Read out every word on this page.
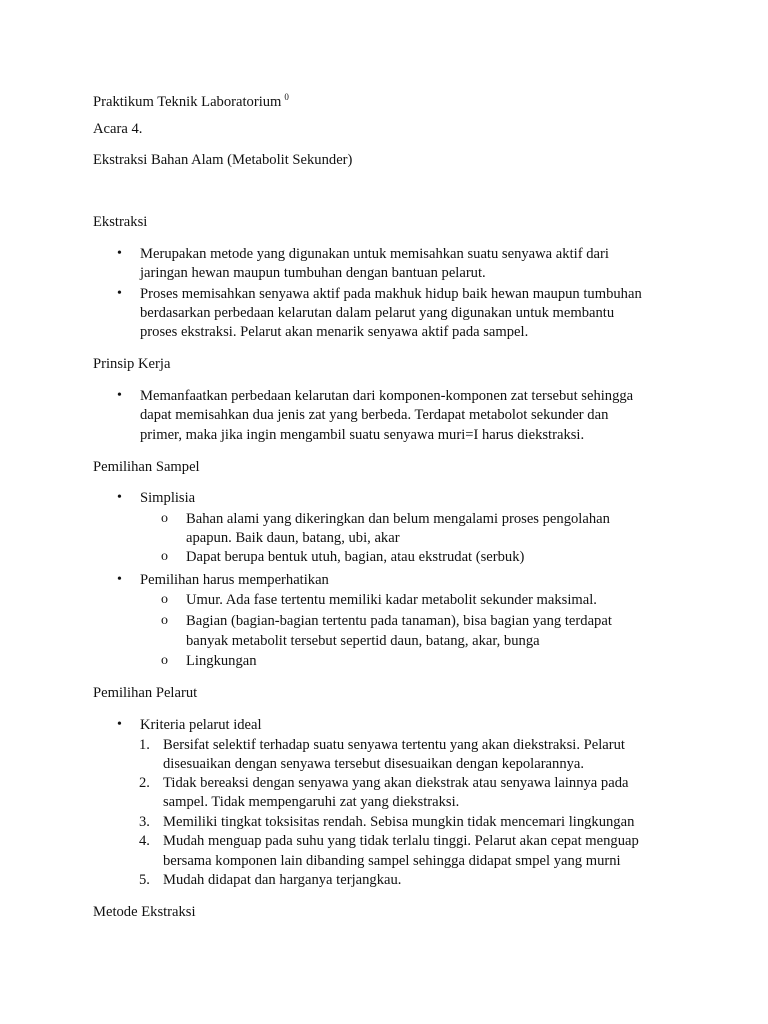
Praktikum Teknik Laboratorium $^0$
Acara 4.
Ekstraksi Bahan Alam (Metabolit Sekunder)
Ekstraksi
• Merupakan metode yang digunakan untuk memisahkan suatu senyawa aktif dari
jaringan hewan maupun tumbuhan dengan bantuan pelarut.
• Proses memisahkan senyawa aktif pada makhuk hidup baik hewan maupun tumbuhan
berdasarkan perbedaan kelarutan dalam pelarut yang digunakan untuk membantu
proses ekstraksi. Pelarut akan menarik senyawa aktif pada sampel.
Prinsip Kerja
• Memanfaatkan perbedaan kelarutan dari komponen-komponen zat tersebut sehingga
dapat memisahkan dua jenis zat yang berbeda. Terdapat metabolot sekunder dan
primer, maka jika ingin mengambil suatu senyawa muri=I harus diekstraksi.
Pemilihan Sampel
• Simplisia
o Bahan alami yang dikeringkan dan belum mengalami proses pengolahan
apapun. Baik daun, batang, ubi, akar
o Dapat berupa bentuk utuh, bagian, atau ekstrudat (serbuk)
• Pemilihan harus memperhatikan
o Umur. Ada fase tertentu memiliki kadar metabolit sekunder maksimal.
o Bagian (bagian-bagian tertentu pada tanaman), bisa bagian yang terdapat
banyak metabolit tersebut sepertid daun, batang, akar, bunga
o Lingkungan
Pemilihan Pelarut
• Kriteria pelarut ideal
1. Bersifat selektif terhadap suatu senyawa tertentu yang akan diekstraksi. Pelarut
disesuaikan dengan senyawa tersebut disesuaikan dengan kepolarannya.
2. Tidak bereaksi dengan senyawa yang akan diekstrak atau senyawa lainnya pada
sampel. Tidak mempengaruhi zat yang diekstraksi.
3. Memiliki tingkat toksisitas rendah. Sebisa mungkin tidak mencemari lingkungan
4. Mudah menguap pada suhu yang tidak terlalu tinggi. Pelarut akan cepat menguap
bersama komponen lain dibanding sampel sehingga didapat smpel yang murni
5. Mudah didapat dan harganya terjangkau.
Metode Ekstraksi
